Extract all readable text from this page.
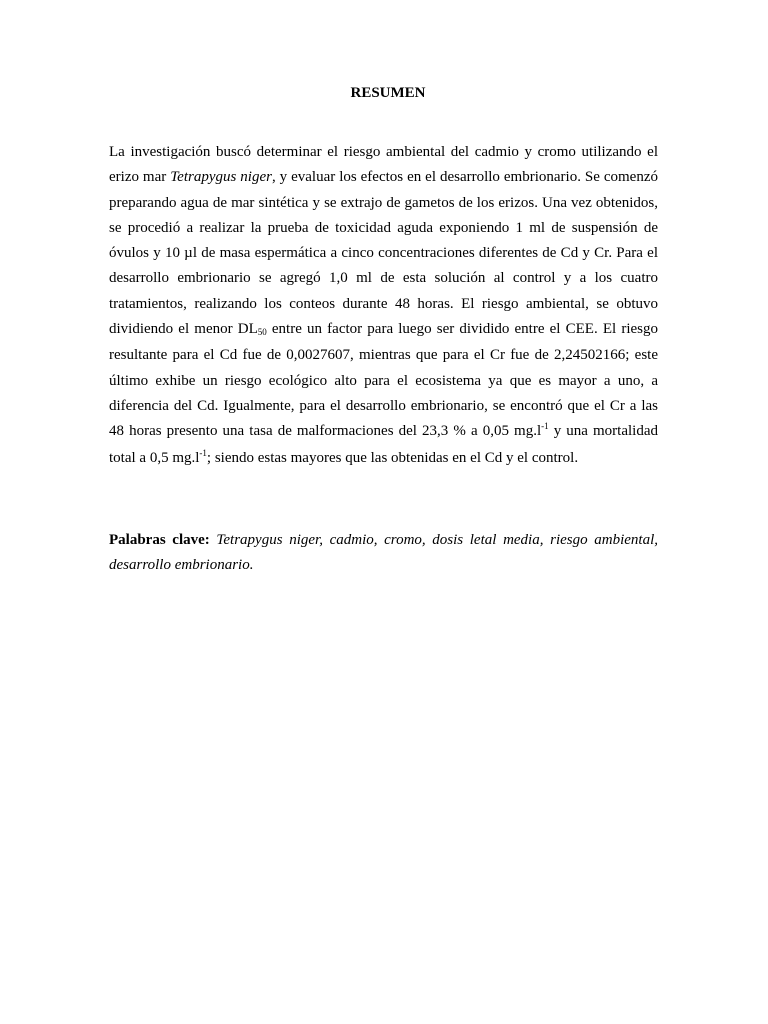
RESUMEN

La investigación buscó determinar el riesgo ambiental del cadmio y cromo utilizando el erizo mar Tetrapygus niger, y evaluar los efectos en el desarrollo embrionario. Se comenzó preparando agua de mar sintética y se extrajo de gametos de los erizos. Una vez obtenidos, se procedió a realizar la prueba de toxicidad aguda exponiendo 1 ml de suspensión de óvulos y 10 µl de masa espermática a cinco concentraciones diferentes de Cd y Cr. Para el desarrollo embrionario se agregó 1,0 ml de esta solución al control y a los cuatro tratamientos, realizando los conteos durante 48 horas. El riesgo ambiental, se obtuvo dividiendo el menor DL50 entre un factor para luego ser dividido entre el CEE. El riesgo resultante para el Cd fue de 0,0027607, mientras que para el Cr fue de 2,24502166; este último exhibe un riesgo ecológico alto para el ecosistema ya que es mayor a uno, a diferencia del Cd. Igualmente, para el desarrollo embrionario, se encontró que el Cr a las 48 horas presento una tasa de malformaciones del 23,3 % a 0,05 $mg.l^{-1}$ y una mortalidad total a 0,5 $mg.l^{-1}$; siendo estas mayores que las obtenidas en el Cd y el control.

Palabras clave: Tetrapygus niger, cadmio, cromo, dosis letal media, riesgo ambiental, desarrollo embrionario.
